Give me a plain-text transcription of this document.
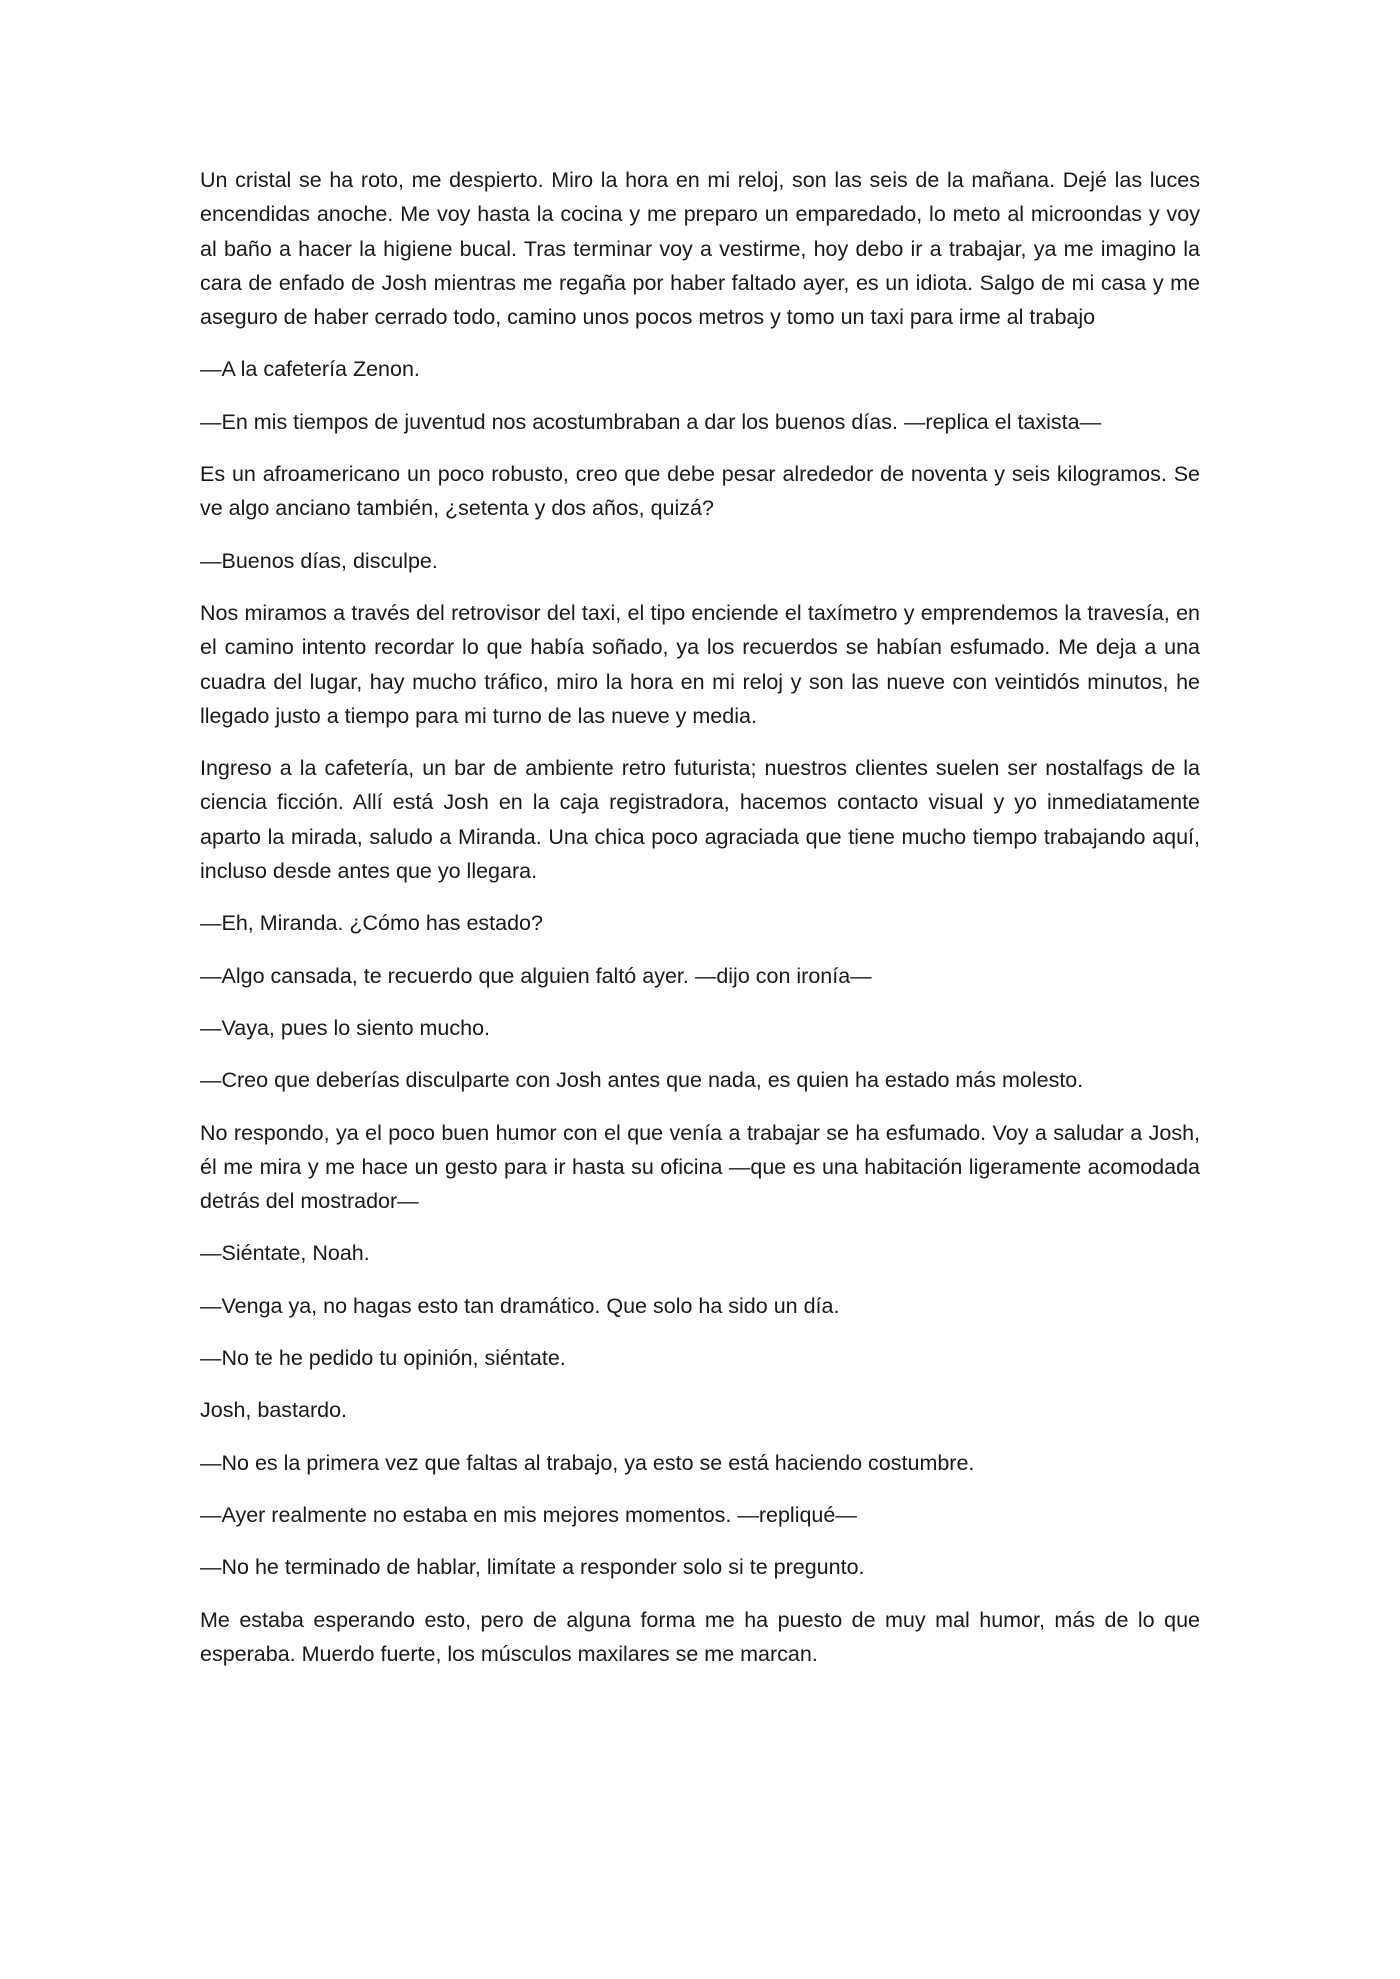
Un cristal se ha roto, me despierto. Miro la hora en mi reloj, son las seis de la mañana. Dejé las luces encendidas anoche. Me voy hasta la cocina y me preparo un emparedado, lo meto al microondas y voy al baño a hacer la higiene bucal. Tras terminar voy a vestirme, hoy debo ir a trabajar, ya me imagino la cara de enfado de Josh mientras me regaña por haber faltado ayer, es un idiota. Salgo de mi casa y me aseguro de haber cerrado todo, camino unos pocos metros y tomo un taxi para irme al trabajo

—A la cafetería Zenon.

—En mis tiempos de juventud nos acostumbraban a dar los buenos días. —replica el taxista—

Es un afroamericano un poco robusto, creo que debe pesar alrededor de noventa y seis kilogramos. Se ve algo anciano también, ¿setenta y dos años, quizá?

—Buenos días, disculpe.

Nos miramos a través del retrovisor del taxi, el tipo enciende el taxímetro y emprendemos la travesía, en el camino intento recordar lo que había soñado, ya los recuerdos se habían esfumado. Me deja a una cuadra del lugar, hay mucho tráfico, miro la hora en mi reloj y son las nueve con veintidós minutos, he llegado justo a tiempo para mi turno de las nueve y media.

Ingreso a la cafetería, un bar de ambiente retro futurista; nuestros clientes suelen ser nostalfags de la ciencia ficción. Allí está Josh en la caja registradora, hacemos contacto visual y yo inmediatamente aparto la mirada, saludo a Miranda. Una chica poco agraciada que tiene mucho tiempo trabajando aquí, incluso desde antes que yo llegara.

—Eh, Miranda. ¿Cómo has estado?

—Algo cansada, te recuerdo que alguien faltó ayer. —dijo con ironía—

—Vaya, pues lo siento mucho.

—Creo que deberías disculparte con Josh antes que nada, es quien ha estado más molesto.

No respondo, ya el poco buen humor con el que venía a trabajar se ha esfumado. Voy a saludar a Josh, él me mira y me hace un gesto para ir hasta su oficina —que es una habitación ligeramente acomodada detrás del mostrador—

—Siéntate, Noah.

—Venga ya, no hagas esto tan dramático. Que solo ha sido un día.

—No te he pedido tu opinión, siéntate.

Josh, bastardo.

—No es la primera vez que faltas al trabajo, ya esto se está haciendo costumbre.

—Ayer realmente no estaba en mis mejores momentos. —repliqué—

—No he terminado de hablar, limítate a responder solo si te pregunto.

Me estaba esperando esto, pero de alguna forma me ha puesto de muy mal humor, más de lo que esperaba. Muerdo fuerte, los músculos maxilares se me marcan.
